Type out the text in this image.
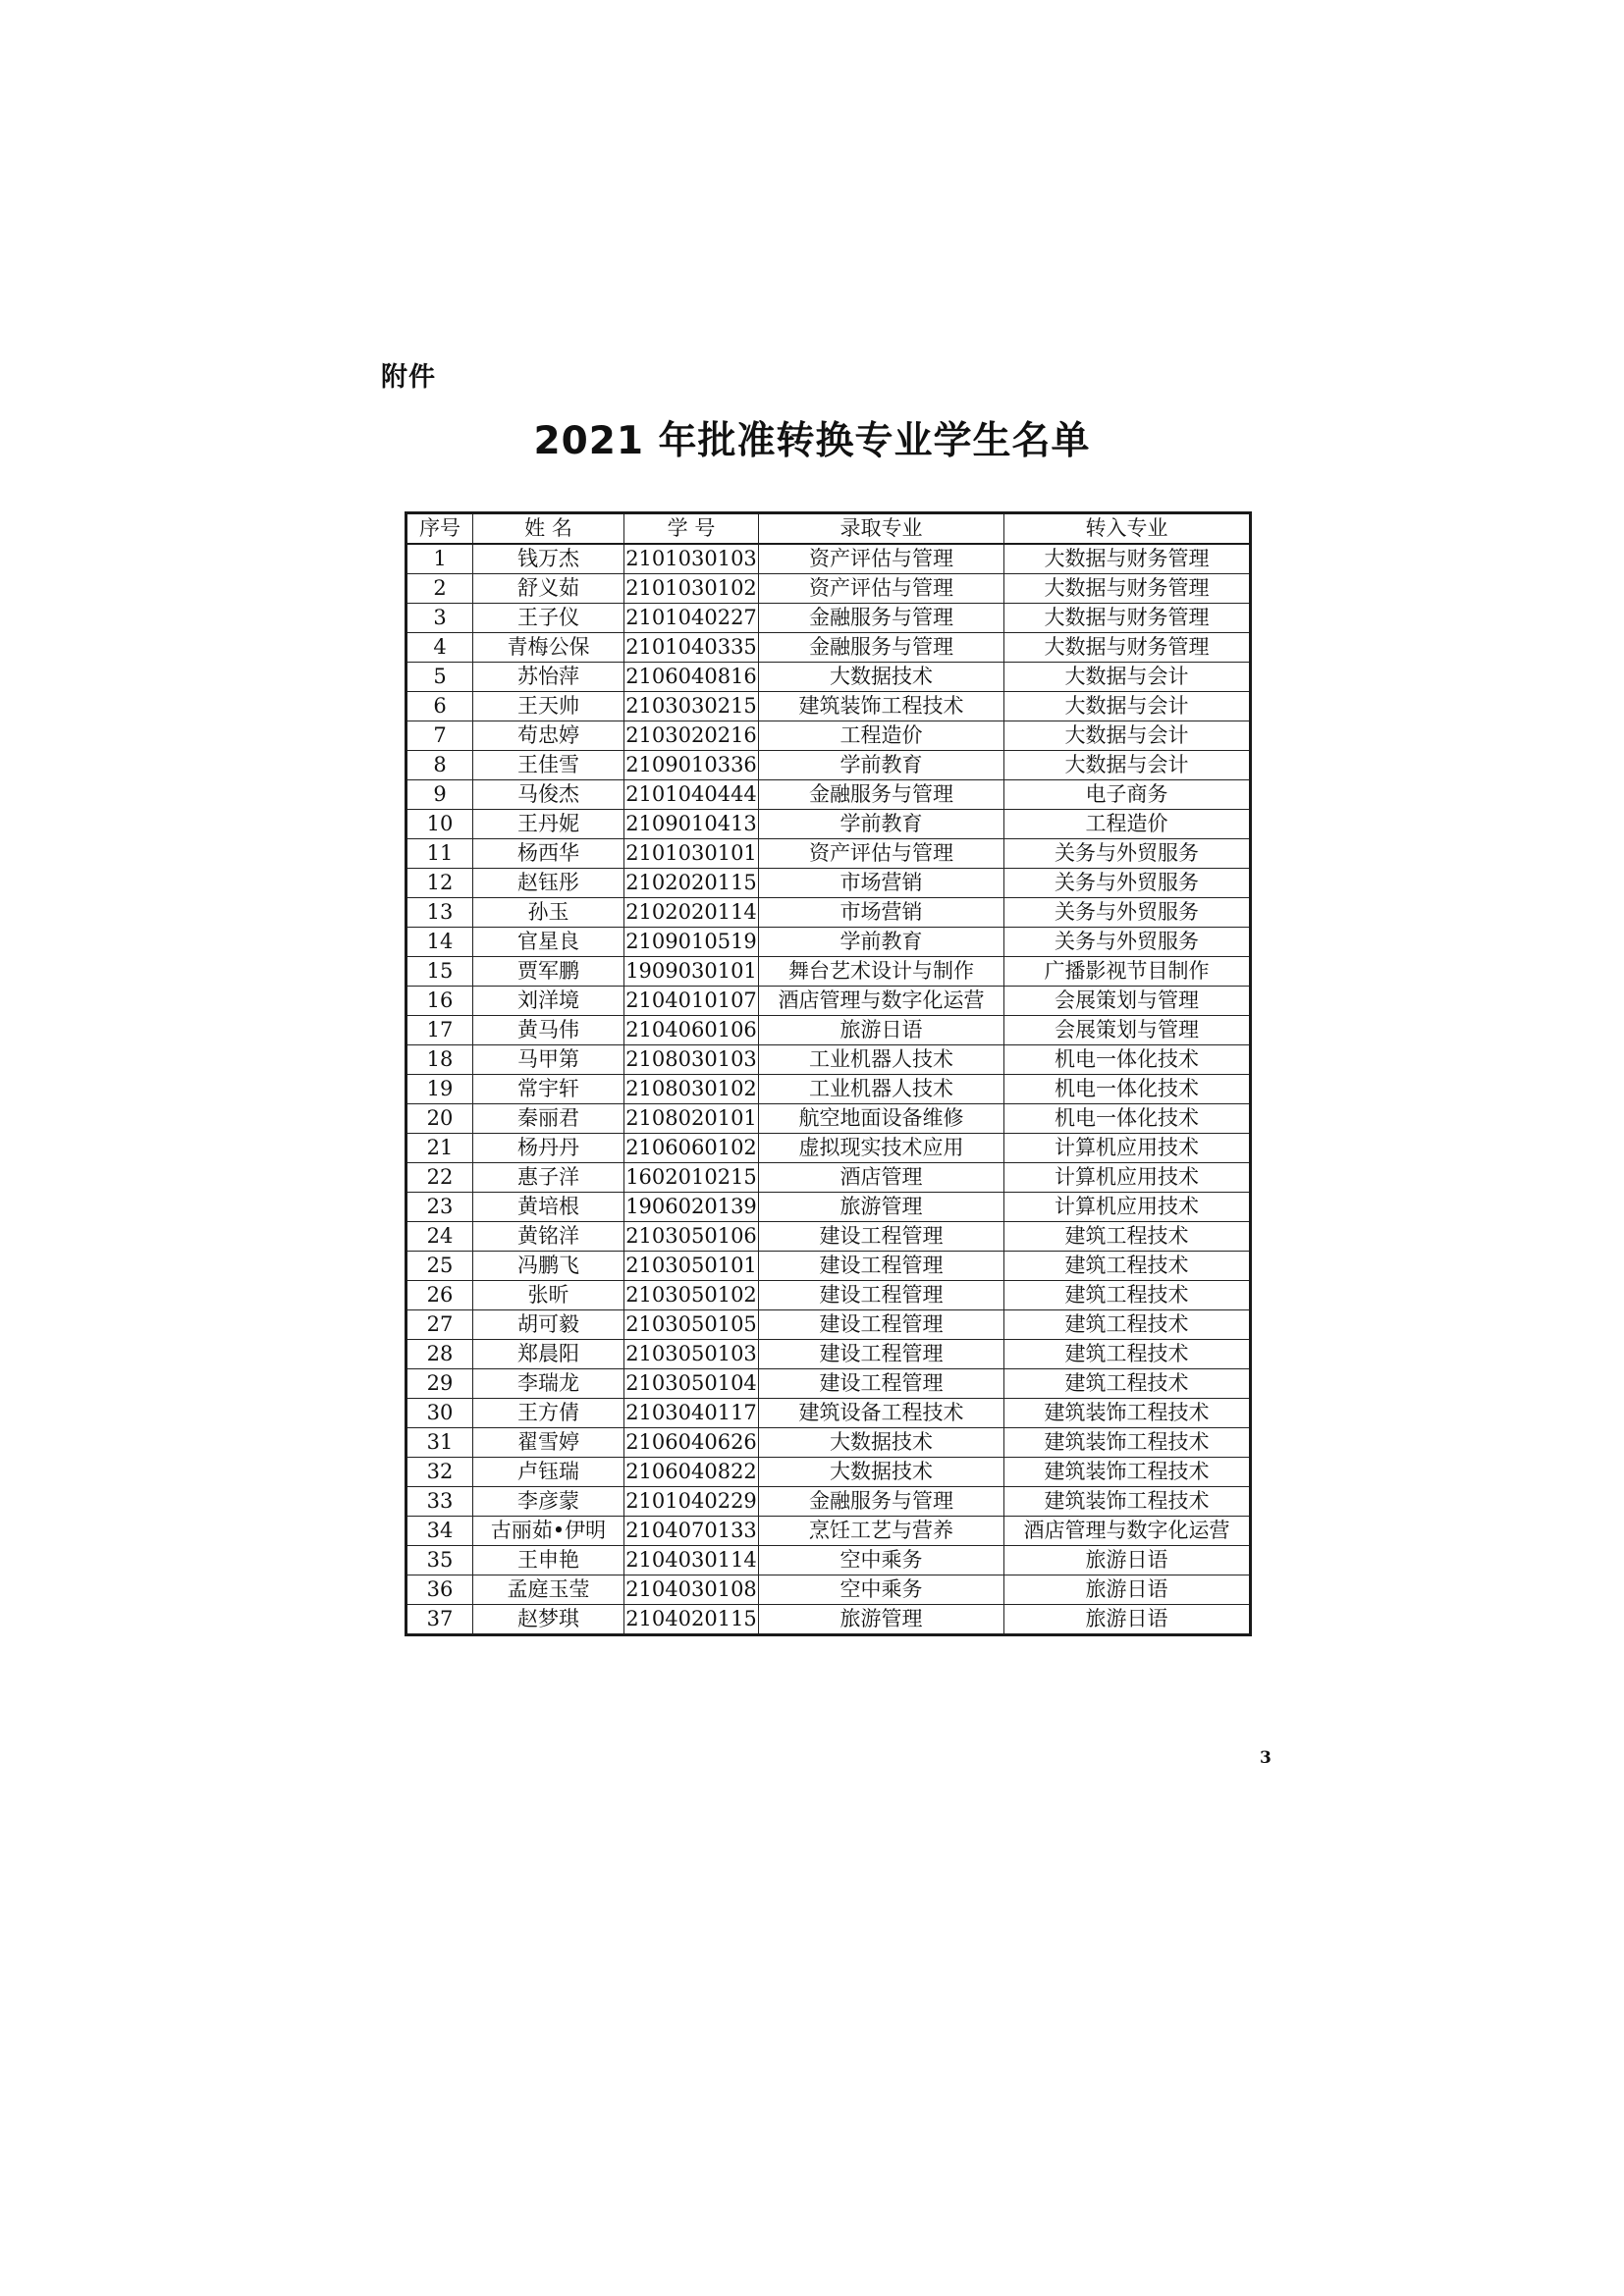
附件
2021 年批准转换专业学生名单
序号	姓 名	学 号	录取专业	转入专业
1	钱万杰	2101030103	资产评估与管理	大数据与财务管理
2	舒义茹	2101030102	资产评估与管理	大数据与财务管理
3	王子仪	2101040227	金融服务与管理	大数据与财务管理
4	青梅公保	2101040335	金融服务与管理	大数据与财务管理
5	苏怡萍	2106040816	大数据技术	大数据与会计
6	王天帅	2103030215	建筑装饰工程技术	大数据与会计
7	苟忠婷	2103020216	工程造价	大数据与会计
8	王佳雪	2109010336	学前教育	大数据与会计
9	马俊杰	2101040444	金融服务与管理	电子商务
10	王丹妮	2109010413	学前教育	工程造价
11	杨西华	2101030101	资产评估与管理	关务与外贸服务
12	赵钰彤	2102020115	市场营销	关务与外贸服务
13	孙玉	2102020114	市场营销	关务与外贸服务
14	官星良	2109010519	学前教育	关务与外贸服务
15	贾军鹏	1909030101	舞台艺术设计与制作	广播影视节目制作
16	刘洋境	2104010107	酒店管理与数字化运营	会展策划与管理
17	黄马伟	2104060106	旅游日语	会展策划与管理
18	马甲第	2108030103	工业机器人技术	机电一体化技术
19	常宇轩	2108030102	工业机器人技术	机电一体化技术
20	秦丽君	2108020101	航空地面设备维修	机电一体化技术
21	杨丹丹	2106060102	虚拟现实技术应用	计算机应用技术
22	惠子洋	1602010215	酒店管理	计算机应用技术
23	黄培根	1906020139	旅游管理	计算机应用技术
24	黄铭洋	2103050106	建设工程管理	建筑工程技术
25	冯鹏飞	2103050101	建设工程管理	建筑工程技术
26	张昕	2103050102	建设工程管理	建筑工程技术
27	胡可毅	2103050105	建设工程管理	建筑工程技术
28	郑晨阳	2103050103	建设工程管理	建筑工程技术
29	李瑞龙	2103050104	建设工程管理	建筑工程技术
30	王方倩	2103040117	建筑设备工程技术	建筑装饰工程技术
31	翟雪婷	2106040626	大数据技术	建筑装饰工程技术
32	卢钰瑞	2106040822	大数据技术	建筑装饰工程技术
33	李彦蒙	2101040229	金融服务与管理	建筑装饰工程技术
34	古丽茹•伊明	2104070133	烹饪工艺与营养	酒店管理与数字化运营
35	王申艳	2104030114	空中乘务	旅游日语
36	孟庭玉莹	2104030108	空中乘务	旅游日语
37	赵梦琪	2104020115	旅游管理	旅游日语
3
